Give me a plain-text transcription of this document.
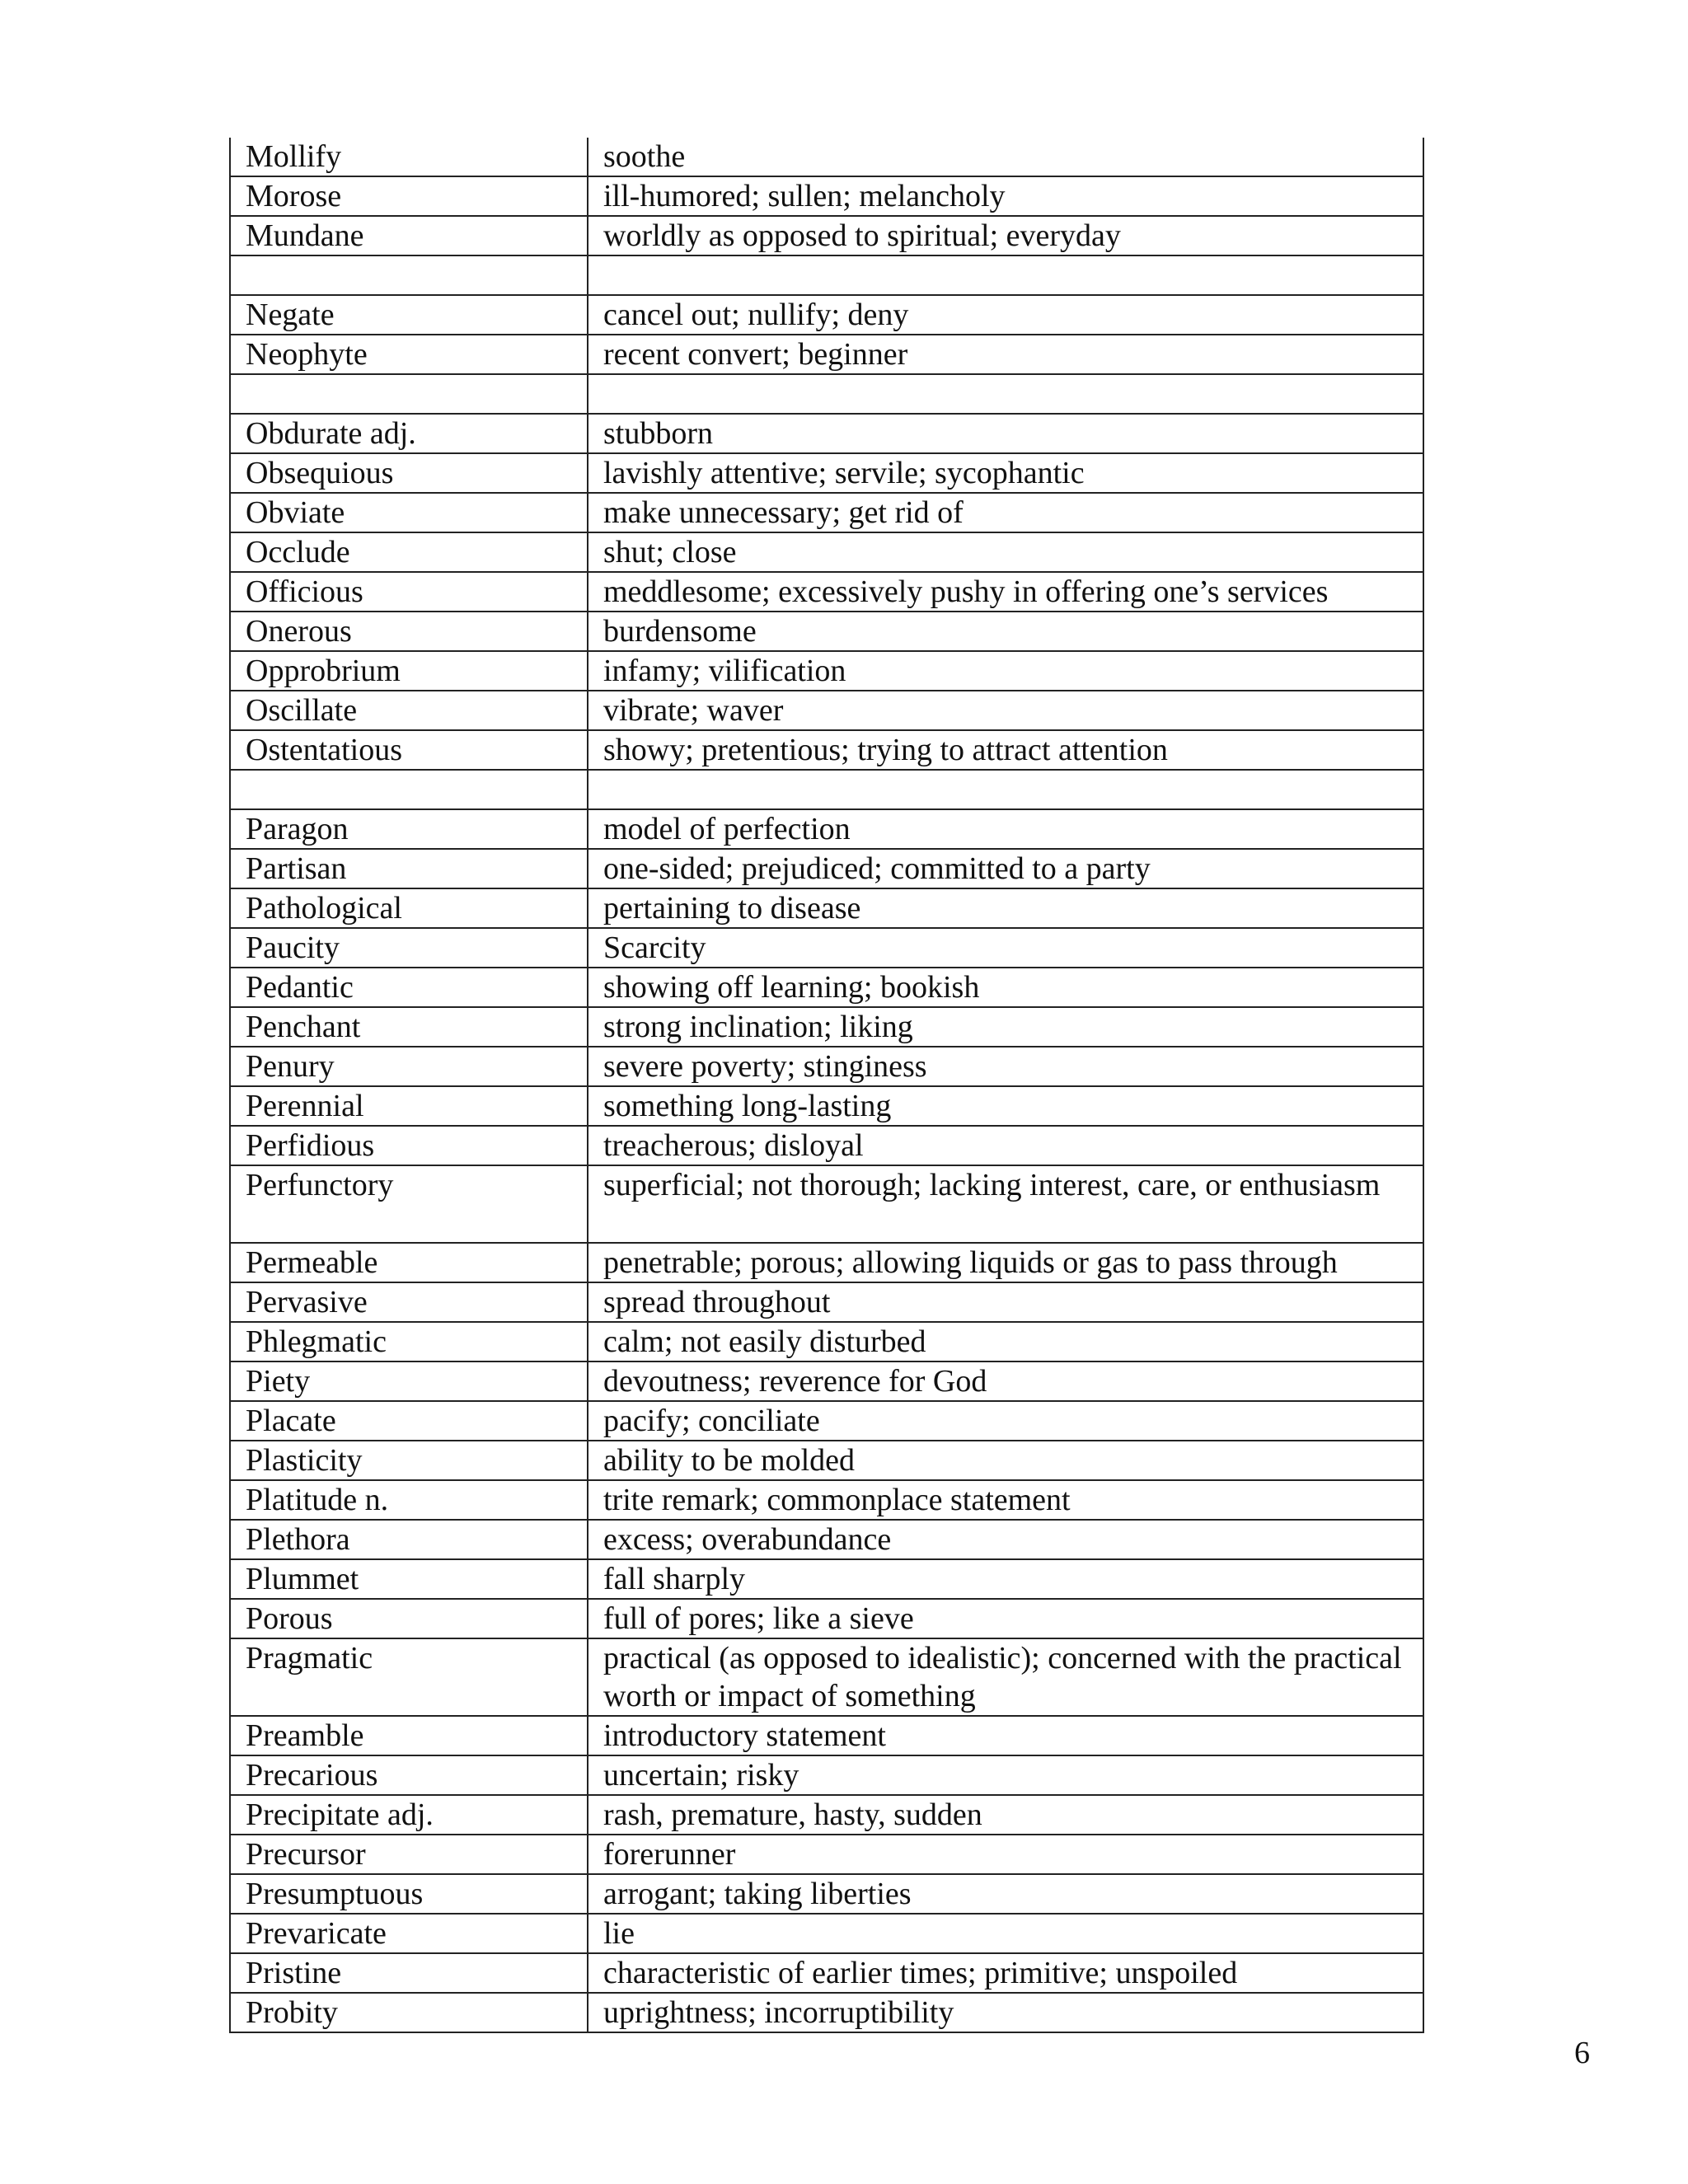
Mollify	soothe
Morose	ill-humored; sullen; melancholy
Mundane	worldly as opposed to spiritual; everyday

Negate	cancel out; nullify; deny
Neophyte	recent convert; beginner

Obdurate adj.	stubborn
Obsequious	lavishly attentive; servile; sycophantic
Obviate	make unnecessary; get rid of
Occlude	shut; close
Officious	meddlesome; excessively pushy in offering one’s services
Onerous	burdensome
Opprobrium	infamy; vilification
Oscillate	vibrate; waver
Ostentatious	showy; pretentious; trying to attract attention

Paragon	model of perfection
Partisan	one-sided; prejudiced; committed to a party
Pathological	pertaining to disease
Paucity	Scarcity
Pedantic	showing off learning; bookish
Penchant	strong inclination; liking
Penury	severe poverty; stinginess
Perennial	something long-lasting
Perfidious	treacherous; disloyal
Perfunctory	superficial; not thorough; lacking interest, care, or enthusiasm
Permeable	penetrable; porous; allowing liquids or gas to pass through
Pervasive	spread throughout
Phlegmatic	calm; not easily disturbed
Piety	devoutness; reverence for God
Placate	pacify; conciliate
Plasticity	ability to be molded
Platitude n.	trite remark; commonplace statement
Plethora	excess; overabundance
Plummet	fall sharply
Porous	full of pores; like a sieve
Pragmatic	practical (as opposed to idealistic); concerned with the practical worth or impact of something
Preamble	introductory statement
Precarious	uncertain; risky
Precipitate adj.	rash, premature, hasty, sudden
Precursor	forerunner
Presumptuous	arrogant; taking liberties
Prevaricate	lie
Pristine	characteristic of earlier times; primitive; unspoiled
Probity	uprightness; incorruptibility
6
